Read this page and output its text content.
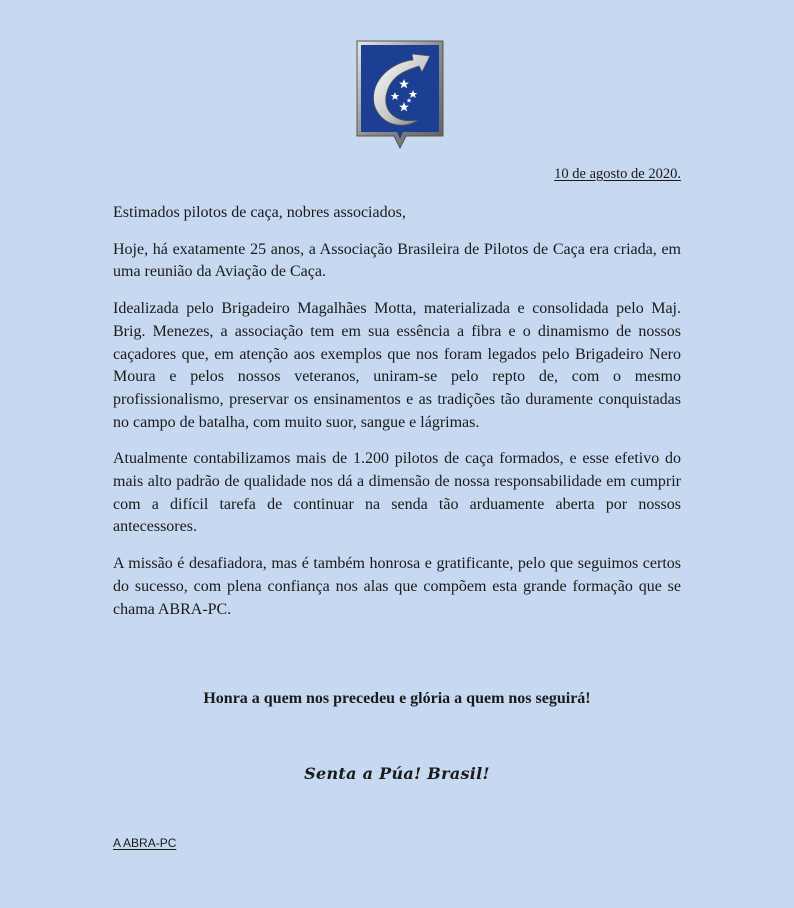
10 de agosto de 2020.

Estimados pilotos de caça, nobres associados,

Hoje, há exatamente 25 anos, a Associação Brasileira de Pilotos de Caça era criada, em uma reunião da Aviação de Caça.

Idealizada pelo Brigadeiro Magalhães Motta, materializada e consolidada pelo Maj. Brig. Menezes, a associação tem em sua essência a fibra e o dinamismo de nossos caçadores que, em atenção aos exemplos que nos foram legados pelo Brigadeiro Nero Moura e pelos nossos veteranos, uniram-se pelo repto de, com o mesmo profissionalismo, preservar os ensinamentos e as tradições tão duramente conquistadas no campo de batalha, com muito suor, sangue e lágrimas.

Atualmente contabilizamos mais de 1.200 pilotos de caça formados, e esse efetivo do mais alto padrão de qualidade nos dá a dimensão de nossa responsabilidade em cumprir com a difícil tarefa de continuar na senda tão arduamente aberta por nossos antecessores.

A missão é desafiadora, mas é também honrosa e gratificante, pelo que seguimos certos do sucesso, com plena confiança nos alas que compõem esta grande formação que se chama ABRA-PC.

Honra a quem nos precedeu e glória a quem nos seguirá!
Senta a Púa! Brasil!
A ABRA-PC
